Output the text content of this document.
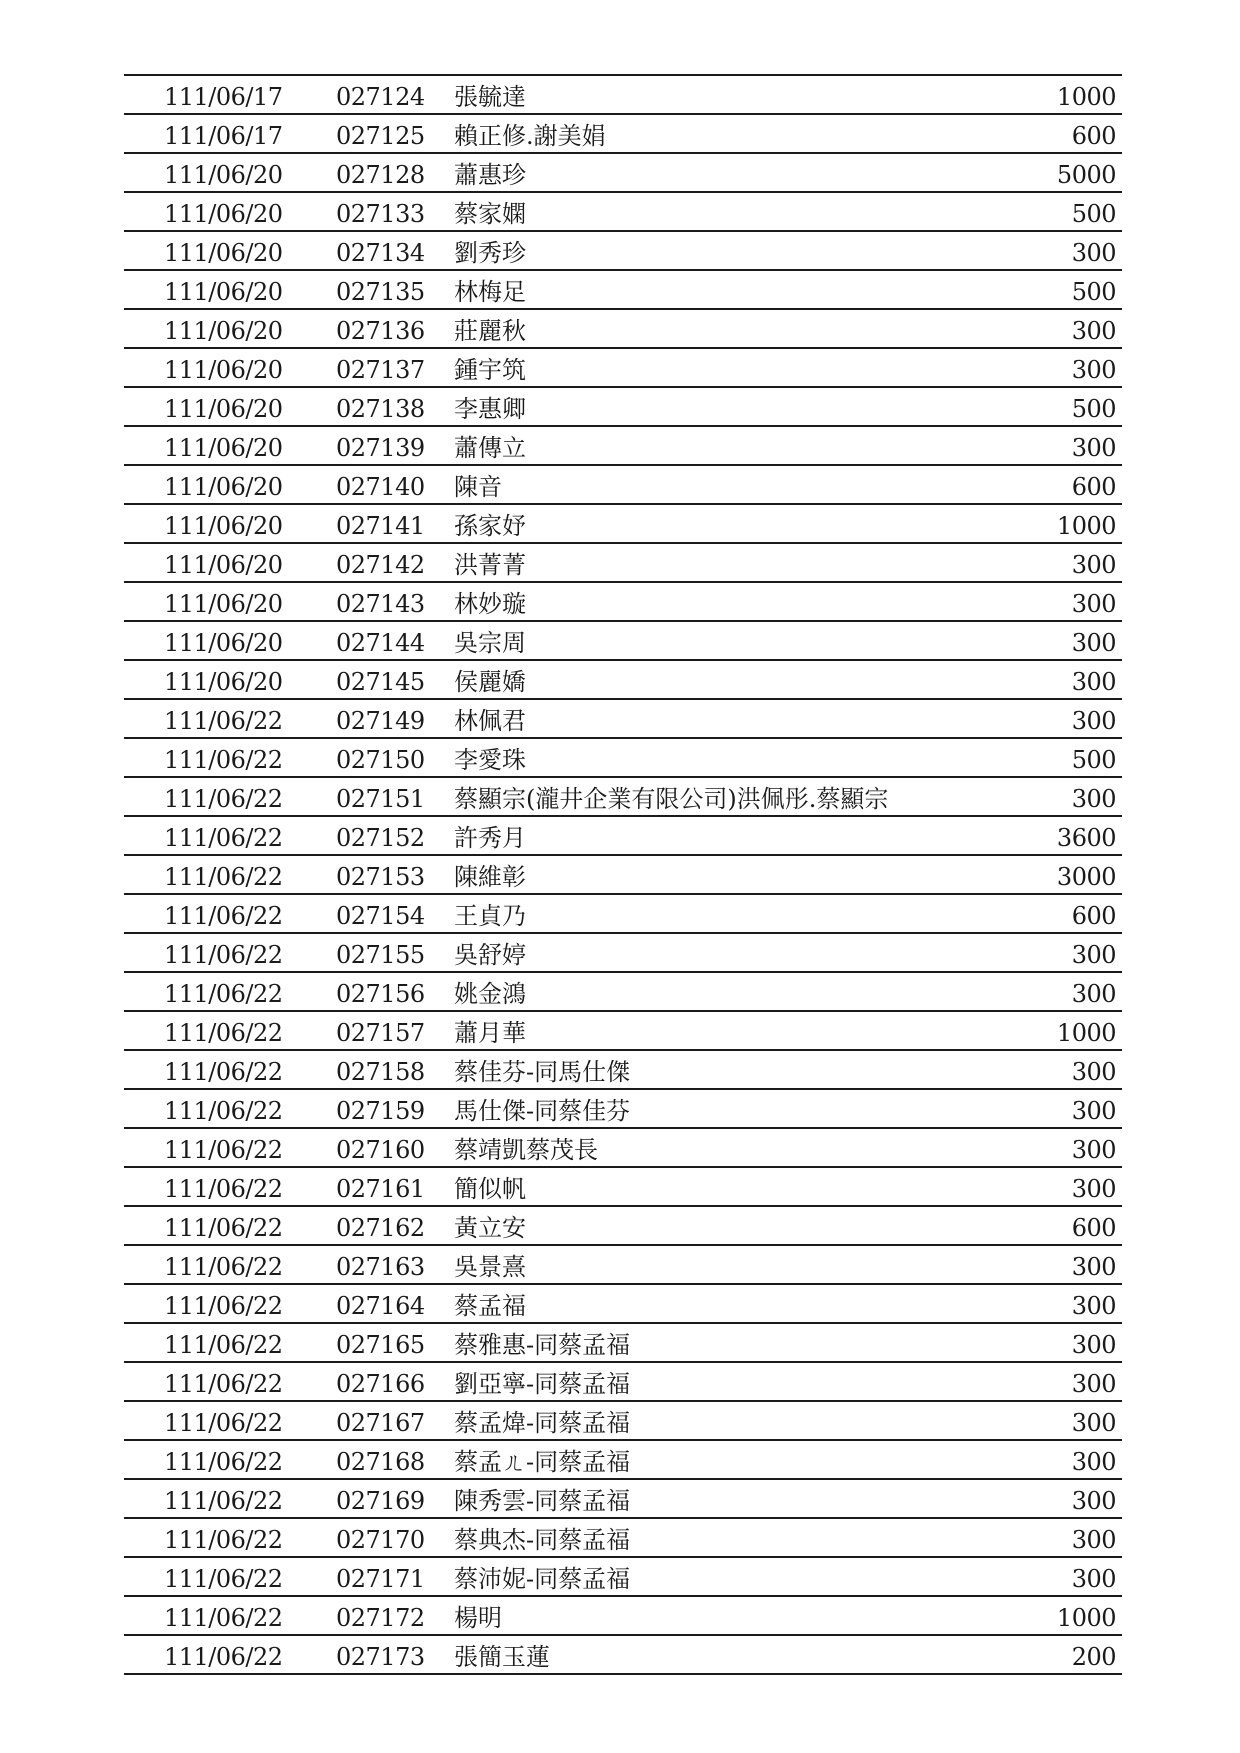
111/06/17 027124 張毓達	1000
111/06/17 027125 賴正修.謝美娟	600
111/06/20 027128 蕭惠珍	5000
111/06/20 027133 蔡家嫻	500
111/06/20 027134 劉秀珍	300
111/06/20 027135 林梅足	500
111/06/20 027136 莊麗秋	300
111/06/20 027137 鍾宇筑	300
111/06/20 027138 李惠卿	500
111/06/20 027139 蕭傳立	300
111/06/20 027140 陳音	600
111/06/20 027141 孫家妤	1000
111/06/20 027142 洪菁菁	300
111/06/20 027143 林妙璇	300
111/06/20 027144 吳宗周	300
111/06/20 027145 侯麗嬌	300
111/06/22 027149 林佩君	300
111/06/22 027150 李愛珠	500
111/06/22 027151 蔡顯宗(瀧井企業有限公司)洪佩彤.蔡顯宗	300
111/06/22 027152 許秀月	3600
111/06/22 027153 陳維彰	3000
111/06/22 027154 王貞乃	600
111/06/22 027155 吳舒婷	300
111/06/22 027156 姚金鴻	300
111/06/22 027157 蕭月華	1000
111/06/22 027158 蔡佳芬-同馬仕傑	300
111/06/22 027159 馬仕傑-同蔡佳芬	300
111/06/22 027160 蔡靖凱蔡茂長	300
111/06/22 027161 簡似帆	300
111/06/22 027162 黃立安	600
111/06/22 027163 吳景熹	300
111/06/22 027164 蔡孟福	300
111/06/22 027165 蔡雅惠-同蔡孟福	300
111/06/22 027166 劉亞寧-同蔡孟福	300
111/06/22 027167 蔡孟煒-同蔡孟福	300
111/06/22 027168 蔡孟ㄦ-同蔡孟福	300
111/06/22 027169 陳秀雲-同蔡孟福	300
111/06/22 027170 蔡典杰-同蔡孟福	300
111/06/22 027171 蔡沛妮-同蔡孟福	300
111/06/22 027172 楊明	1000
111/06/22 027173 張簡玉蓮	200
